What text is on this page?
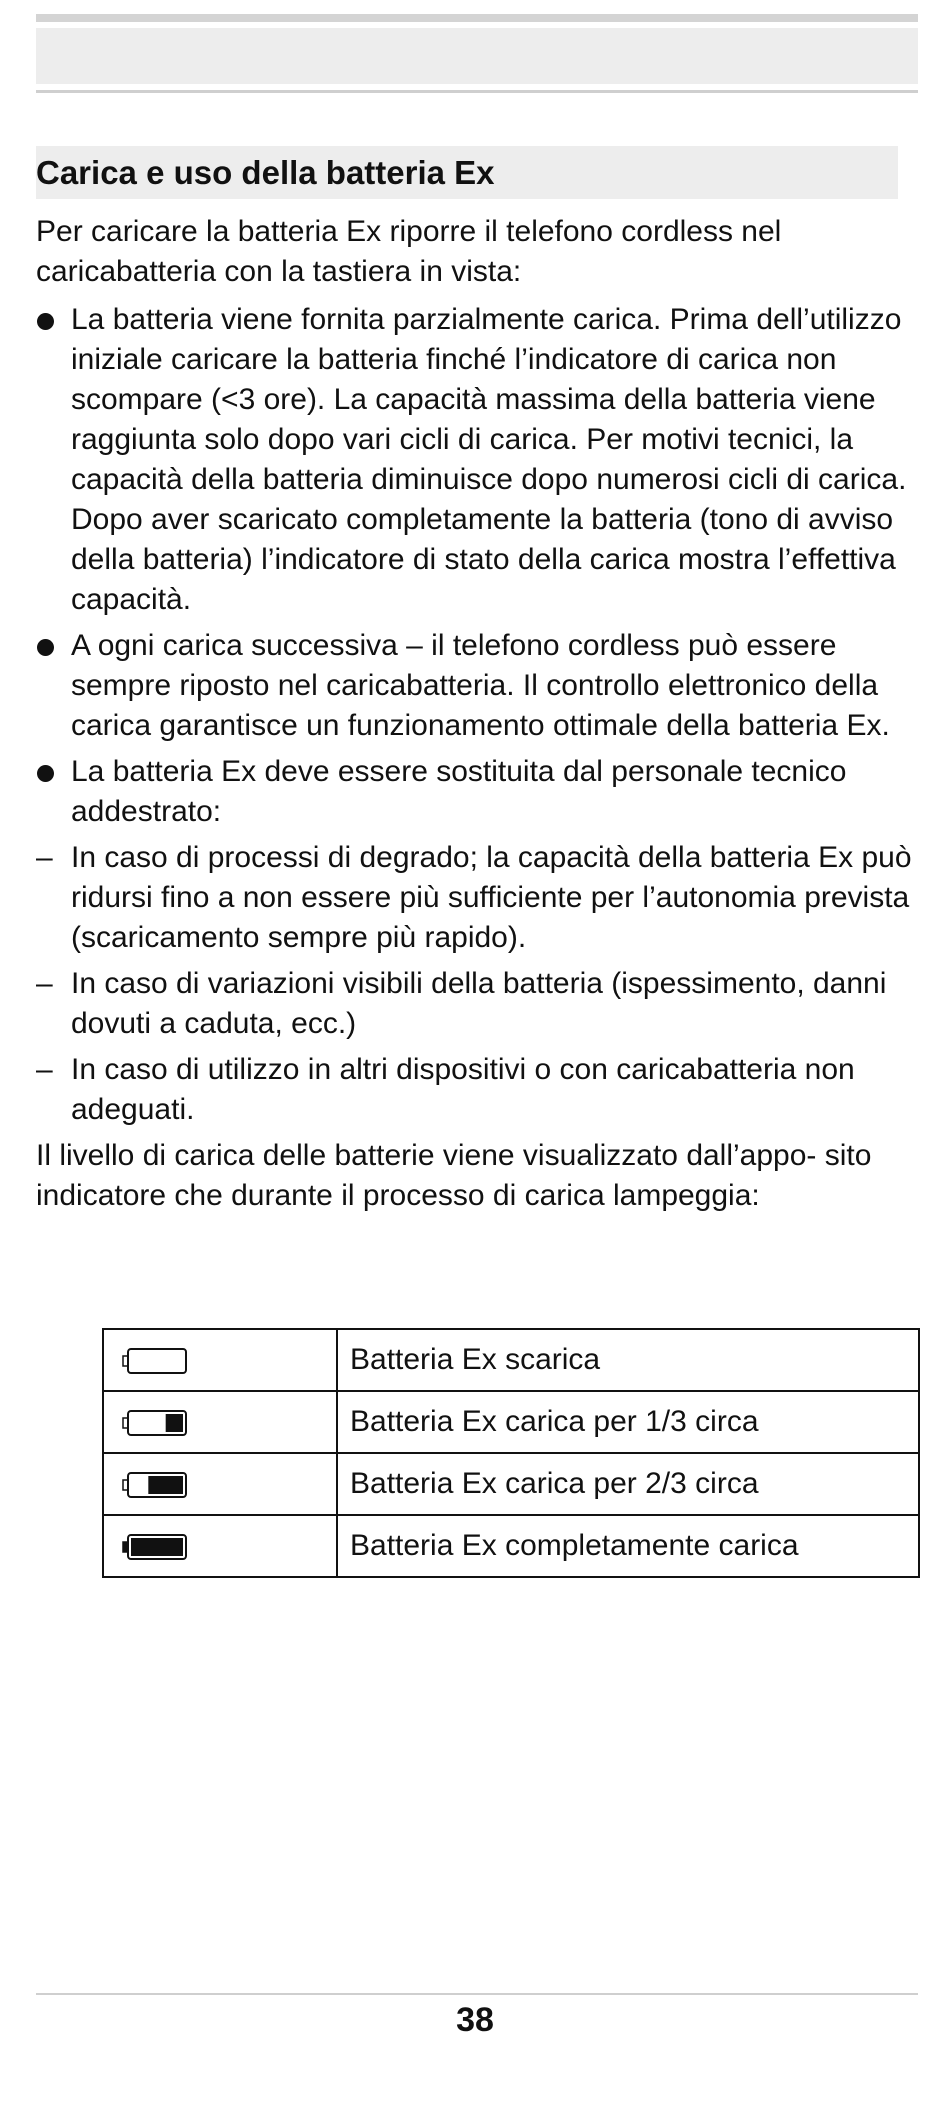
Carica e uso della batteria Ex

Per caricare la batteria Ex riporre il telefono cordless nel caricabatteria con la tastiera in vista:

La batteria viene fornita parzialmente carica. Prima dell’utilizzo iniziale caricare la batteria finché l’indicatore di carica non scompare (<3 ore). La capacità massima della batteria viene raggiunta solo dopo vari cicli di carica. Per motivi tecnici, la capacità della batteria diminuisce dopo numerosi cicli di carica.
Dopo aver scaricato completamente la batteria (tono di avviso della batteria) l’indicatore di stato della carica mostra l’effettiva capacità.
A ogni carica successiva – il telefono cordless può essere sempre riposto nel caricabatteria. Il controllo elettronico della carica garantisce un funzionamento ottimale della batteria Ex.
La batteria Ex deve essere sostituita dal personale tecnico addestrato:
– In caso di processi di degrado; la capacità della batteria Ex può ridursi fino a non essere più sufficiente per l’autonomia prevista (scaricamento sempre più rapido).
– In caso di variazioni visibili della batteria (ispessimento, danni dovuti a caduta, ecc.)
– In caso di utilizzo in altri dispositivi o con caricabatteria non adeguati.

Il livello di carica delle batterie viene visualizzato dall’appo- sito indicatore che durante il processo di carica lampeggia:

	Batteria Ex scarica
	Batteria Ex carica per 1/3 circa
	Batteria Ex carica per 2/3 circa
	Batteria Ex completamente carica
38
